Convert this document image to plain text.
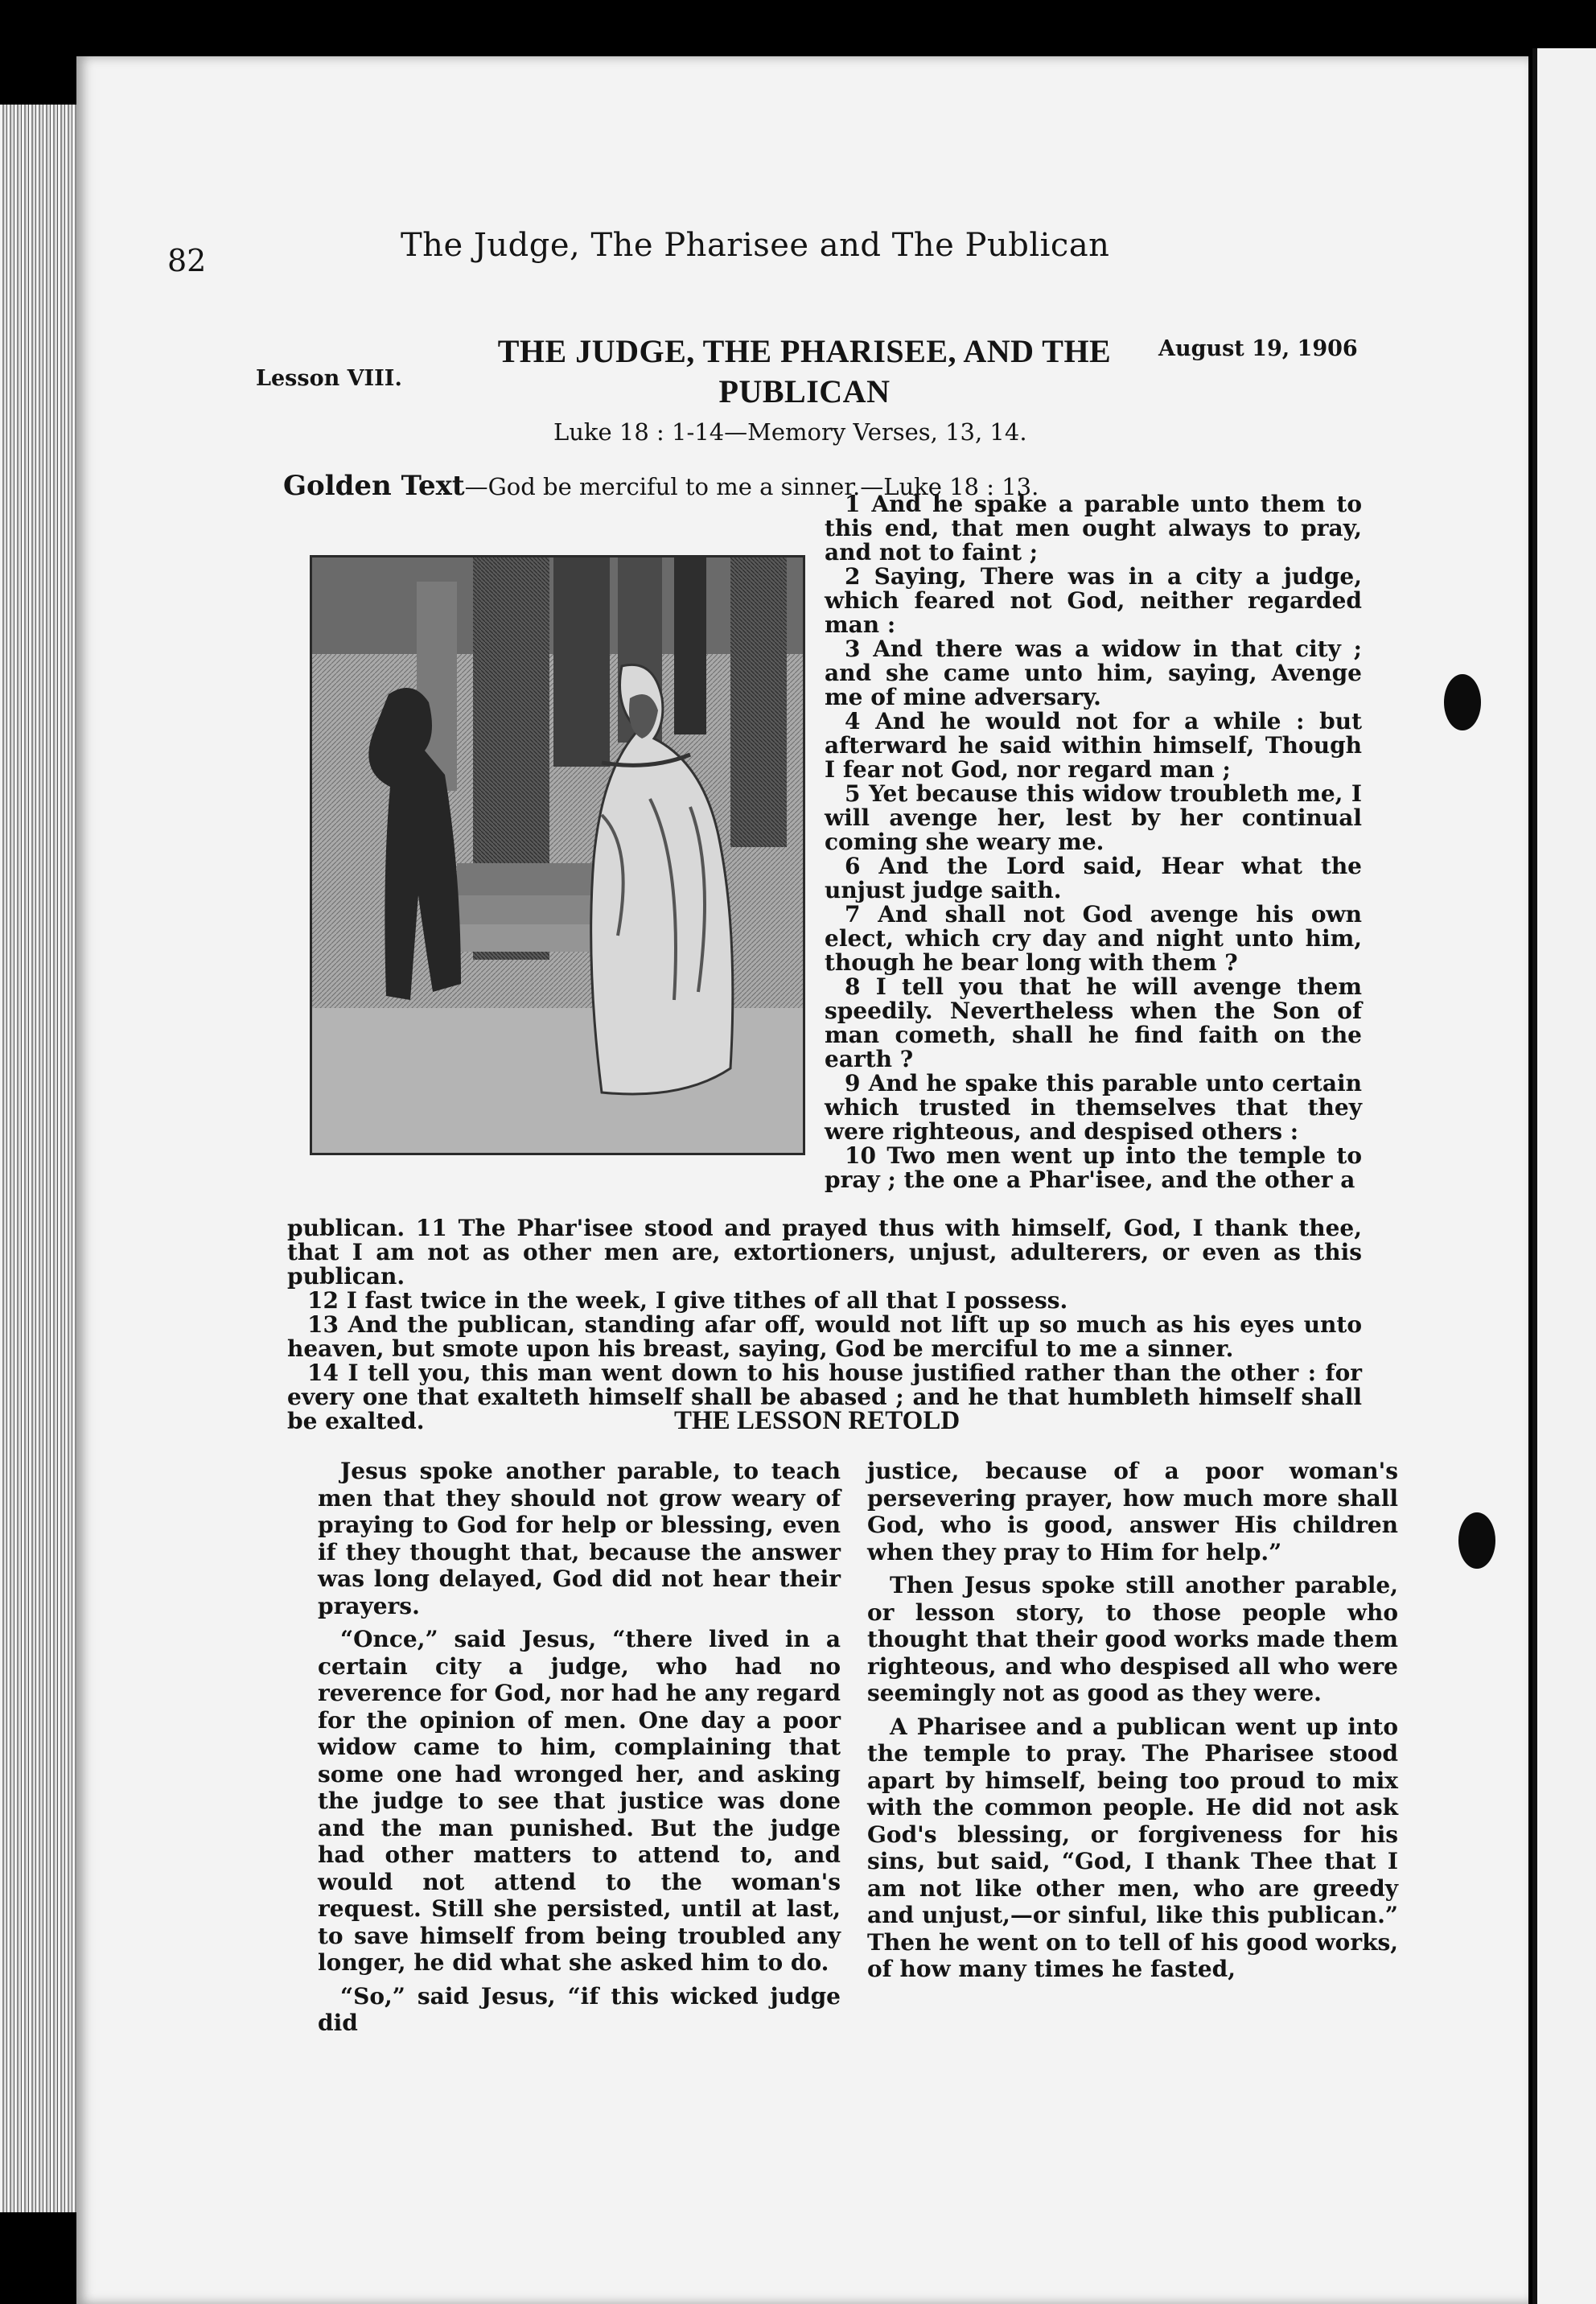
82	The Judge, The Pharisee and The Publican
Lesson VIII.
THE JUDGE, THE PHARISEE, AND THE PUBLICAN
August 19, 1906
Luke 18 : 1-14—Memory Verses, 13, 14.
Golden Text—God be merciful to me a sinner.—Luke 18 : 13.

1 And he spake a parable unto them to this end, that men ought always to pray, and not to faint ;

2 Saying, There was in a city a judge, which feared not God, neither regarded man :

3 And there was a widow in that city ; and she came unto him, saying, Avenge me of mine adversary.

4 And he would not for a while : but afterward he said within himself, Though I fear not God, nor regard man ;

5 Yet because this widow troubleth me, I will avenge her, lest by her continual coming she weary me.

6 And the Lord said, Hear what the unjust judge saith.

7 And shall not God avenge his own elect, which cry day and night unto him, though he bear long with them ?

8 I tell you that he will avenge them speedily. Nevertheless when the Son of man cometh, shall he find faith on the earth ?

9 And he spake this parable unto certain which trusted in themselves that they were righteous, and despised others :

10 Two men went up into the temple to pray ; the one a Phar'isee, and the other a

publican. 11 The Phar'isee stood and prayed thus with himself, God, I thank thee, that I am not as other men are, extortioners, unjust, adulterers, or even as this publican.

12 I fast twice in the week, I give tithes of all that I possess.

13 And the publican, standing afar off, would not lift up so much as his eyes unto heaven, but smote upon his breast, saying, God be merciful to me a sinner.

14 I tell you, this man went down to his house justified rather than the other : for every one that exalteth himself shall be abased ; and he that humbleth himself shall be exalted.	THE LESSON RETOLD

Jesus spoke another parable, to teach men that they should not grow weary of praying to God for help or blessing, even if they thought that, because the answer was long delayed, God did not hear their prayers.

“Once,” said Jesus, “there lived in a certain city a judge, who had no reverence for God, nor had he any regard for the opinion of men. One day a poor widow came to him, complaining that some one had wronged her, and asking the judge to see that justice was done and the man punished. But the judge had other matters to attend to, and would not attend to the woman's request. Still she persisted, until at last, to save himself from being troubled any longer, he did what she asked him to do.

“So,” said Jesus, “if this wicked judge did

justice, because of a poor woman's persevering prayer, how much more shall God, who is good, answer His children when they pray to Him for help.”

Then Jesus spoke still another parable, or lesson story, to those people who thought that their good works made them righteous, and who despised all who were seemingly not as good as they were.

A Pharisee and a publican went up into the temple to pray. The Pharisee stood apart by himself, being too proud to mix with the common people. He did not ask God's blessing, or forgiveness for his sins, but said, “God, I thank Thee that I am not like other men, who are greedy and unjust,—or sinful, like this publican.” Then he went on to tell of his good works, of how many times he fasted,
